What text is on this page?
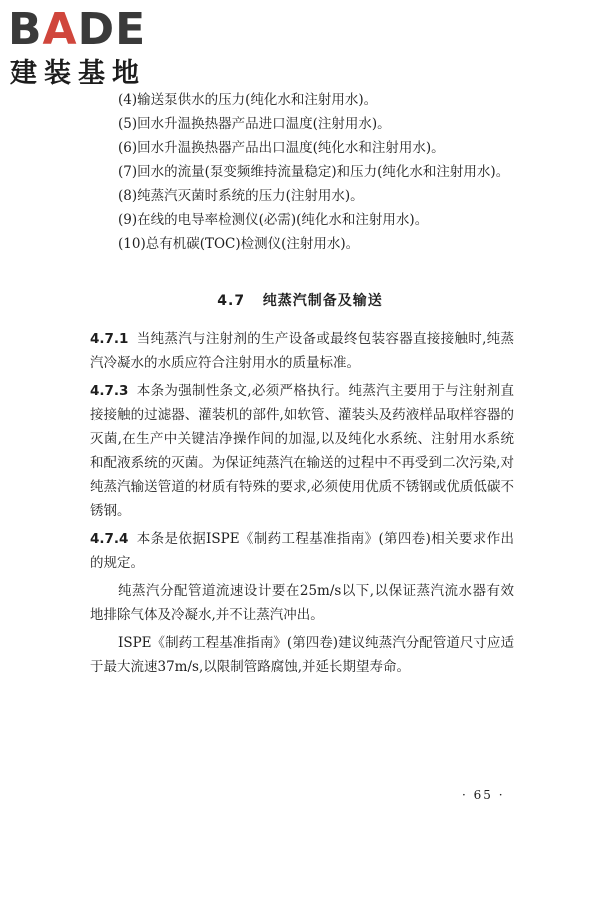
BADE
建装基地

(4)输送泵供水的压力(纯化水和注射用水)。

(5)回水升温换热器产品进口温度(注射用水)。

(6)回水升温换热器产品出口温度(纯化水和注射用水)。

(7)回水的流量(泵变频维持流量稳定)和压力(纯化水和注射用水)。

(8)纯蒸汽灭菌时系统的压力(注射用水)。

(9)在线的电导率检测仪(必需)(纯化水和注射用水)。

(10)总有机碳(TOC)检测仪(注射用水)。

4.7 纯蒸汽制备及输送

4.7.1 当纯蒸汽与注射剂的生产设备或最终包装容器直接接触时,纯蒸汽冷凝水的水质应符合注射用水的质量标准。

4.7.3 本条为强制性条文,必须严格执行。纯蒸汽主要用于与注射剂直接接触的过滤器、灌装机的部件,如软管、灌装头及药液样品取样容器的灭菌,在生产中关键洁净操作间的加湿,以及纯化水系统、注射用水系统和配液系统的灭菌。为保证纯蒸汽在输送的过程中不再受到二次污染,对纯蒸汽输送管道的材质有特殊的要求,必须使用优质不锈钢或优质低碳不锈钢。

4.7.4 本条是依据ISPE《制药工程基准指南》(第四卷)相关要求作出的规定。

纯蒸汽分配管道流速设计要在25m/s以下,以保证蒸汽流水器有效地排除气体及冷凝水,并不让蒸汽冲出。

ISPE《制药工程基准指南》(第四卷)建议纯蒸汽分配管道尺寸应适于最大流速37m/s,以限制管路腐蚀,并延长期望寿命。

· 65 ·
